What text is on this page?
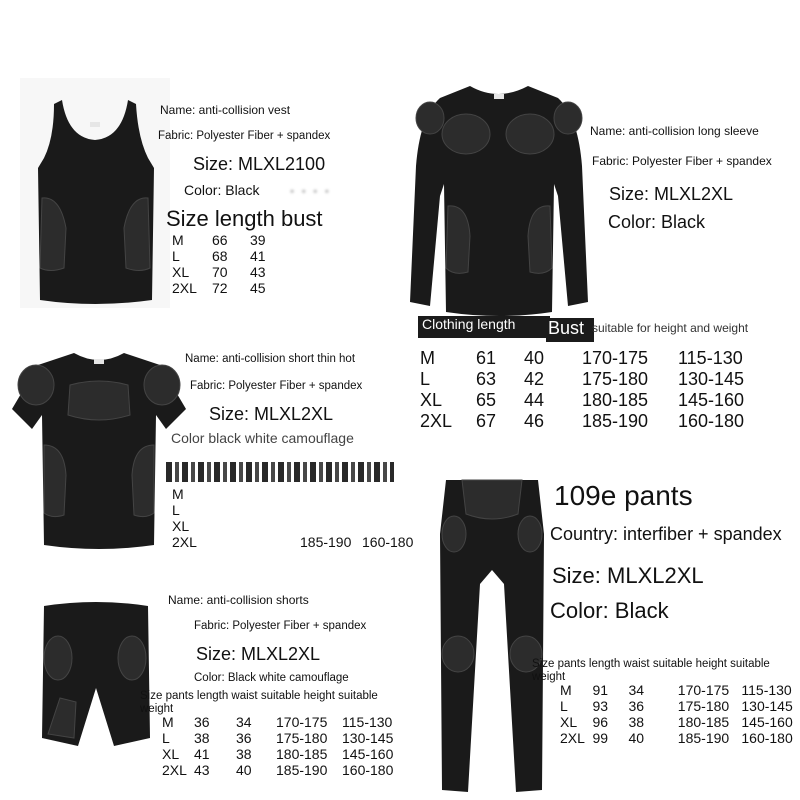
Name: anti-collision vest
Fabric: Polyester Fiber + spandex
Size: MLXL2100
Color: Black	◦ ◦ ◦ ◦
Size length bust
M	66	39		
L	68	41		
XL	70	43		
2XL	72	45		
Name: anti-collision long sleeve
Fabric: Polyester Fiber + spandex
Size: MLXL2XL
Color: Black
Clothing length	Bust suitable for height and weight
M	61	40	170-175	115-130
L	63	42	175-180	130-145
XL	65	44	180-185	145-160
2XL	67	46	185-190	160-180
Name: anti-collision short thin hot
Fabric: Polyester Fiber + spandex
Size: MLXL2XL
Color black white camouflage
M				
L				
XL				
2XL			185-190	160-180
109e pants
Country: interfiber + spandex
Size: MLXL2XL
Color: Black
Size pants length waist suitable height suitable weight
M	91	34	170-175	115-130
L	93	36	175-180	130-145
XL	96	38	180-185	145-160
2XL	99	40	185-190	160-180
Name: anti-collision shorts
Fabric: Polyester Fiber + spandex
Size: MLXL2XL
Color: Black white camouflage
Size pants length waist suitable height suitable weight
M	36	34	170-175	115-130
L	38	36	175-180	130-145
XL	41	38	180-185	145-160
2XL	43	40	185-190	160-180
